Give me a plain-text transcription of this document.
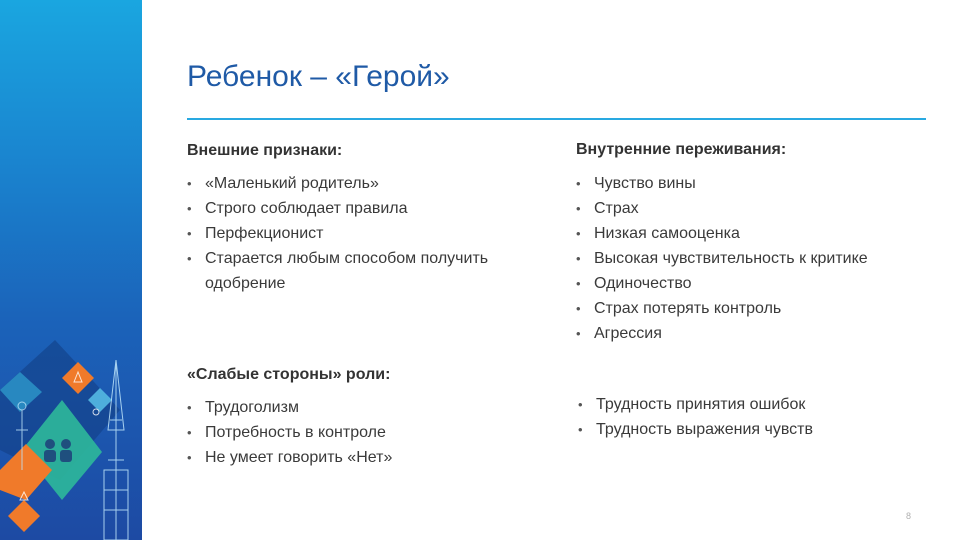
Ребенок – «Герой»
Внешние признаки:
• «Маленький родитель»
• Строго соблюдает правила
• Перфекционист
• Старается любым способом получить одобрение
Внутренние переживания:
• Чувство вины
• Страх
• Низкая самооценка
• Высокая чувствительность к критике
• Одиночество
• Страх потерять контроль
• Агрессия
«Слабые стороны» роли:
• Трудоголизм
• Потребность в контроле
• Не умеет говорить «Нет»
• Трудность принятия ошибок
• Трудность выражения чувств
8
